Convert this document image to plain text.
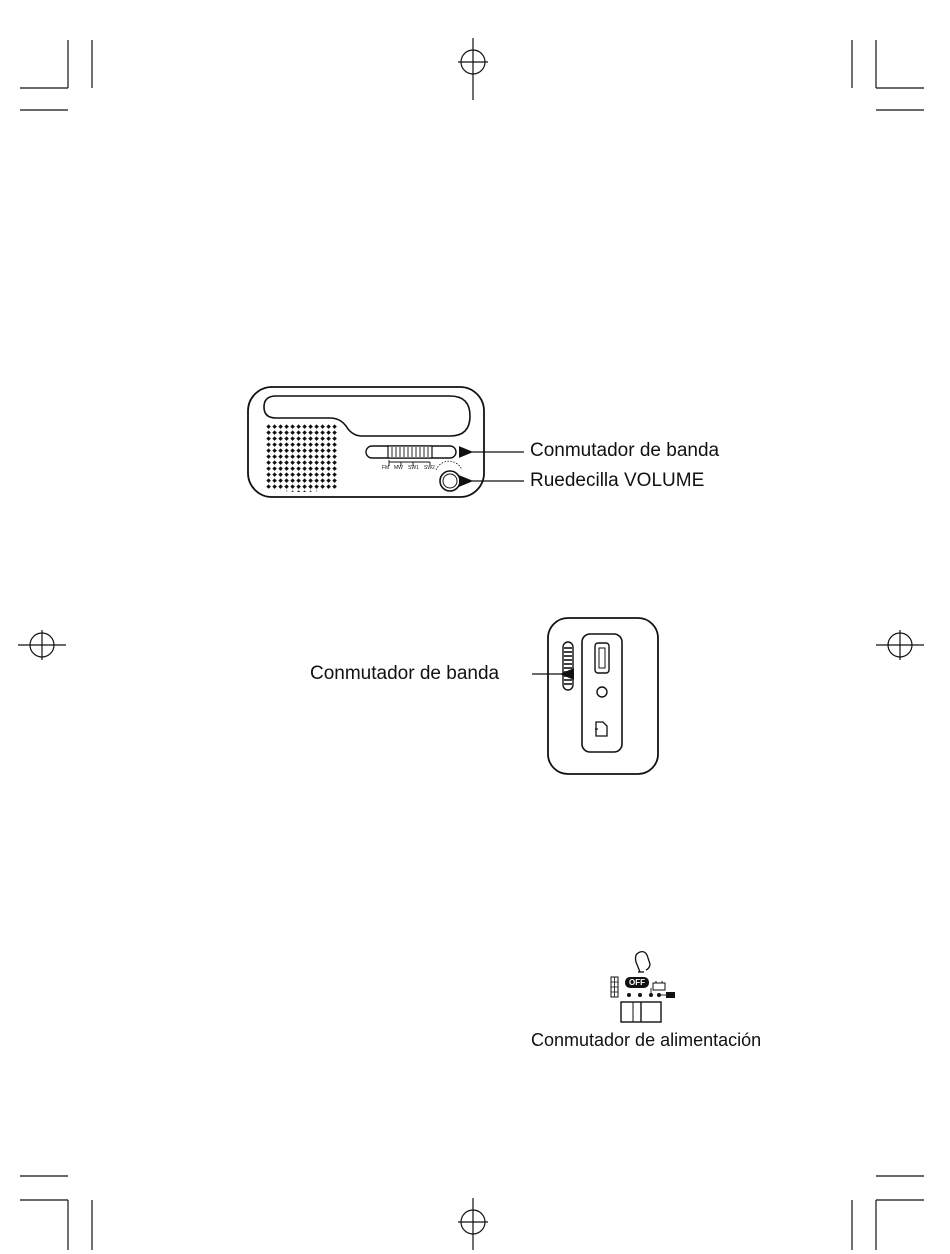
FM MW SW1 SW2
Conmutador de banda
Ruedecilla VOLUME
Conmutador de banda
OFF
Conmutador de alimentación
